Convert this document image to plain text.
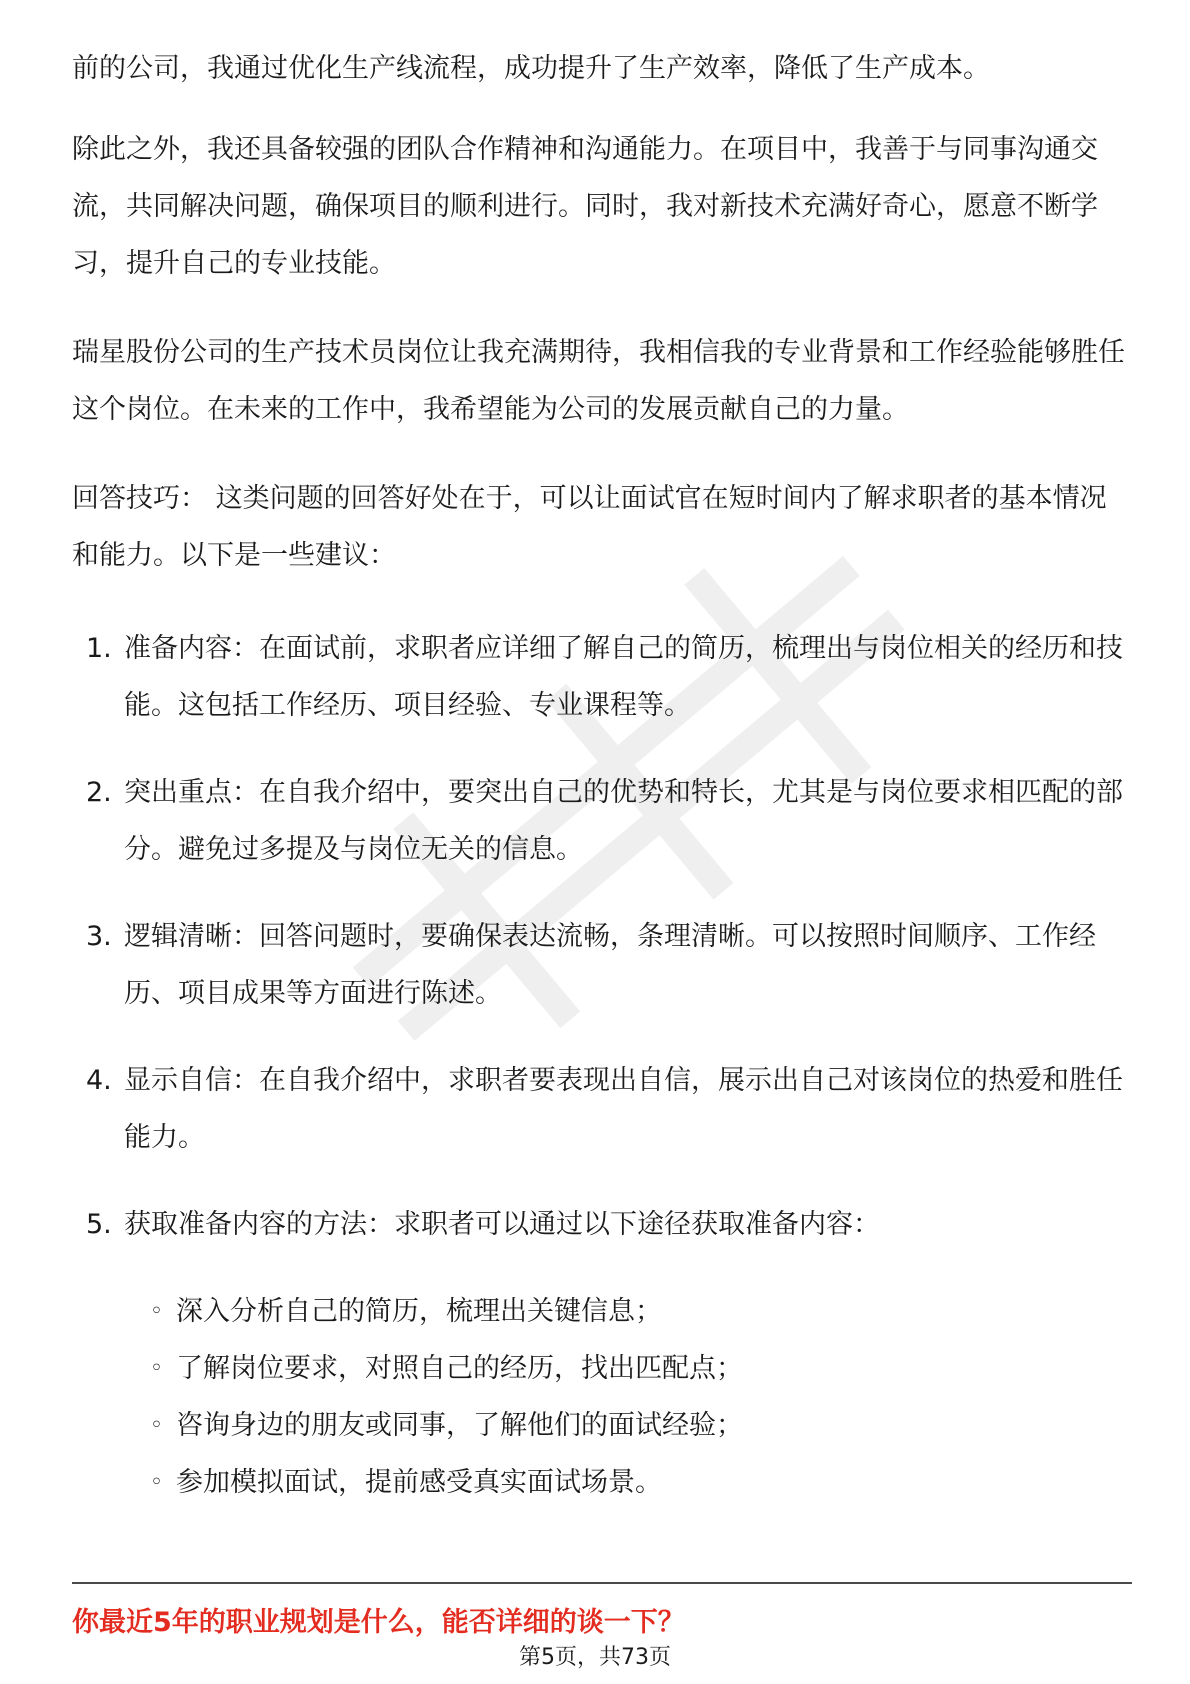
前的公司，我通过优化生产线流程，成功提升了生产效率，降低了生产成本。

除此之外，我还具备较强的团队合作精神和沟通能力。在项目中，我善于与同事沟通交流，共同解决问题，确保项目的顺利进行。同时，我对新技术充满好奇心，愿意不断学习，提升自己的专业技能。

瑞星股份公司的生产技术员岗位让我充满期待，我相信我的专业背景和工作经验能够胜任这个岗位。在未来的工作中，我希望能为公司的发展贡献自己的力量。

回答技巧： 这类问题的回答好处在于，可以让面试官在短时间内了解求职者的基本情况和能力。以下是一些建议：

1. 准备内容：在面试前，求职者应详细了解自己的简历，梳理出与岗位相关的经历和技能。这包括工作经历、项目经验、专业课程等。
2. 突出重点：在自我介绍中，要突出自己的优势和特长，尤其是与岗位要求相匹配的部分。避免过多提及与岗位无关的信息。
3. 逻辑清晰：回答问题时，要确保表达流畅，条理清晰。可以按照时间顺序、工作经历、项目成果等方面进行陈述。
4. 显示自信：在自我介绍中，求职者要表现出自信，展示出自己对该岗位的热爱和胜任能力。
5. 获取准备内容的方法：求职者可以通过以下途径获取准备内容：
◦ 深入分析自己的简历，梳理出关键信息；
◦ 了解岗位要求，对照自己的经历，找出匹配点；
◦ 咨询身边的朋友或同事，了解他们的面试经验；
◦ 参加模拟面试，提前感受真实面试场景。

你最近5年的职业规划是什么，能否详细的谈一下？

第5页，共73页
